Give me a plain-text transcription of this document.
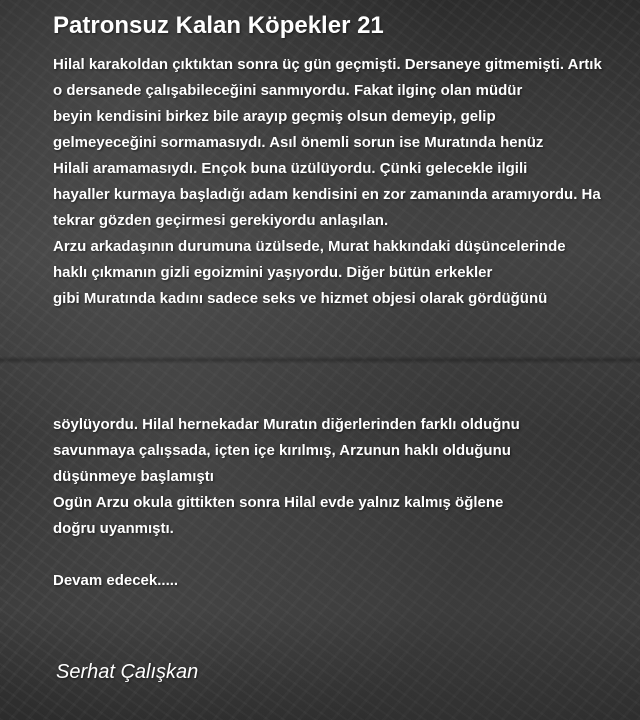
Patronsuz Kalan Köpekler 21
Hilal karakoldan çıktıktan sonra üç gün geçmişti. Dersaneye gitmemişti. Artık
o dersanede çalışabileceğini sanmıyordu. Fakat ilginç olan müdür
beyin kendisini birkez bile arayıp geçmiş olsun demeyip, gelip
gelmeyeceğini sormamasıydı. Asıl önemli sorun ise Muratında henüz
Hilali aramamasıydı. Ençok buna üzülüyordu. Çünki gelecekle ilgili
hayaller kurmaya başladığı adam kendisini en zor zamanında aramıyordu. Ha
tekrar gözden geçirmesi gerekiyordu anlaşılan.
Arzu arkadaşının durumuna üzülsede, Murat hakkındaki düşüncelerinde
haklı çıkmanın gizli egoizmini yaşıyordu. Diğer bütün erkekler
gibi Muratında kadını sadece seks ve hizmet objesi olarak gördüğünü
söylüyordu. Hilal hernekadar Muratın diğerlerinden farklı olduğnu
savunmaya çalışsada, içten içe kırılmış, Arzunun haklı olduğunu
düşünmeye başlamıştı
Ogün Arzu okula gittikten sonra Hilal evde yalnız kalmış öğlene
doğru uyanmıştı.
Devam edecek.....

Serhat Çalışkan
